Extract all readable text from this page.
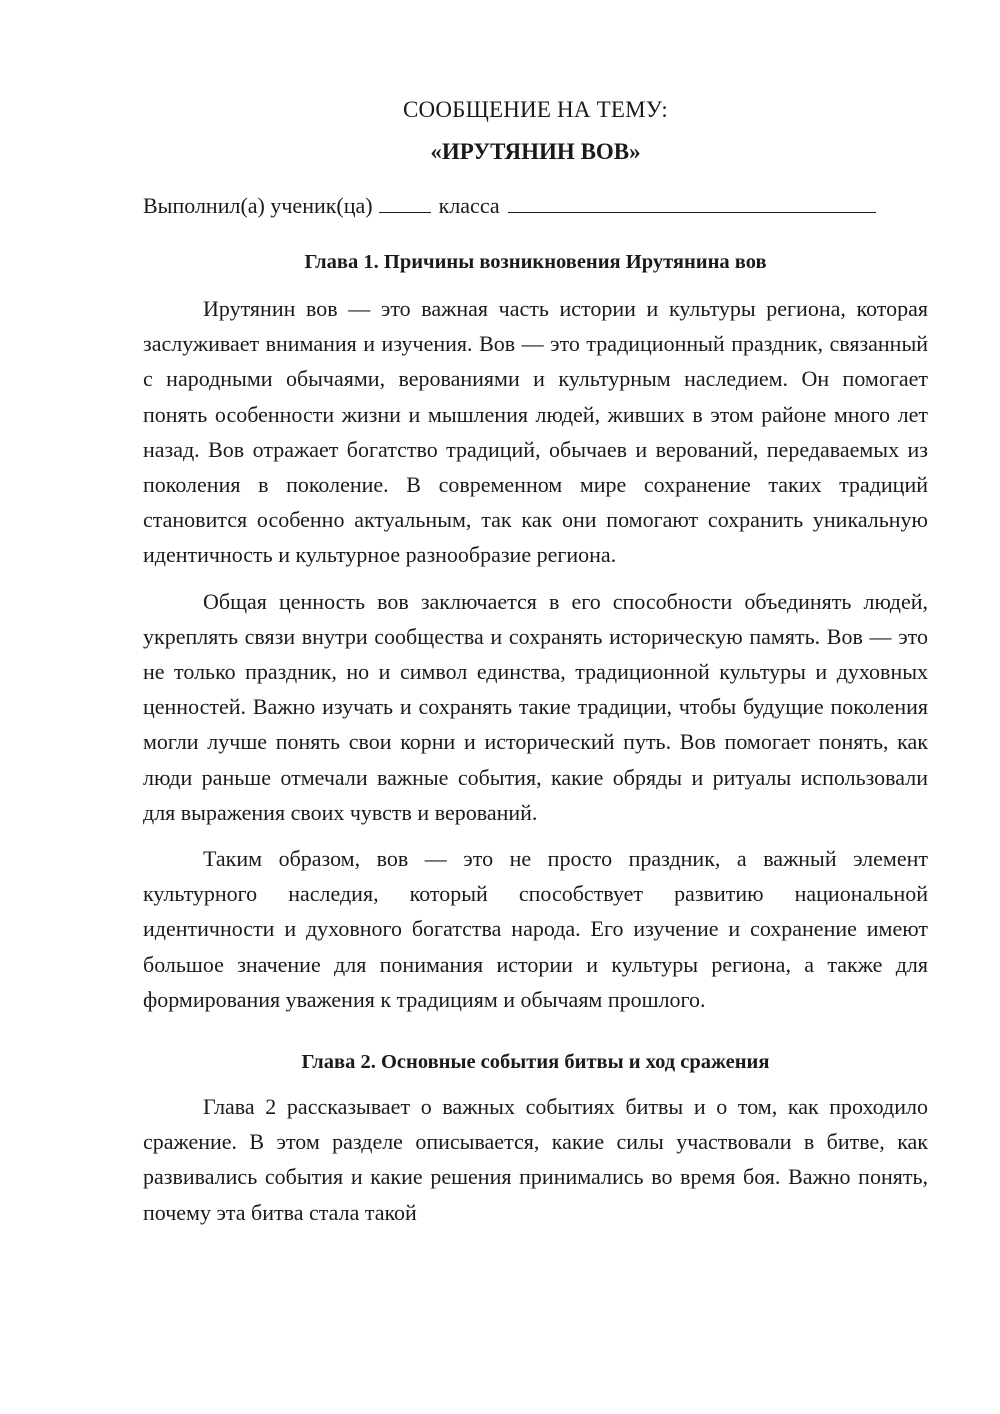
СООБЩЕНИЕ НА ТЕМУ:
«ИРУТЯНИН ВОВ»

Выполнил(а) ученик(ца)	класса

Глава 1. Причины возникновения Ирутянина вов

Ирутянин вов — это важная часть истории и культуры региона, которая заслуживает внимания и изучения. Вов — это традиционный праздник, связанный с народными обычаями, верованиями и культурным наследием. Он помогает понять особенности жизни и мышления людей, живших в этом районе много лет назад. Вов отражает богатство традиций, обычаев и верований, передаваемых из поколения в поколение. В современном мире сохранение таких традиций становится особенно актуальным, так как они помогают сохранить уникальную идентичность и культурное разнообразие региона.

Общая ценность вов заключается в его способности объединять людей, укреплять связи внутри сообщества и сохранять историческую память. Вов — это не только праздник, но и символ единства, традиционной культуры и духовных ценностей. Важно изучать и сохранять такие традиции, чтобы будущие поколения могли лучше понять свои корни и исторический путь. Вов помогает понять, как люди раньше отмечали важные события, какие обряды и ритуалы использовали для выражения своих чувств и верований.

Таким образом, вов — это не просто праздник, а важный элемент культурного наследия, который способствует развитию национальной идентичности и духовного богатства народа. Его изучение и сохранение имеют большое значение для понимания истории и культуры региона, а также для формирования уважения к традициям и обычаям прошлого.

Глава 2. Основные события битвы и ход сражения

Глава 2 рассказывает о важных событиях битвы и о том, как проходило сражение. В этом разделе описывается, какие силы участвовали в битве, как развивались события и какие решения принимались во время боя. Важно понять, почему эта битва стала такой
